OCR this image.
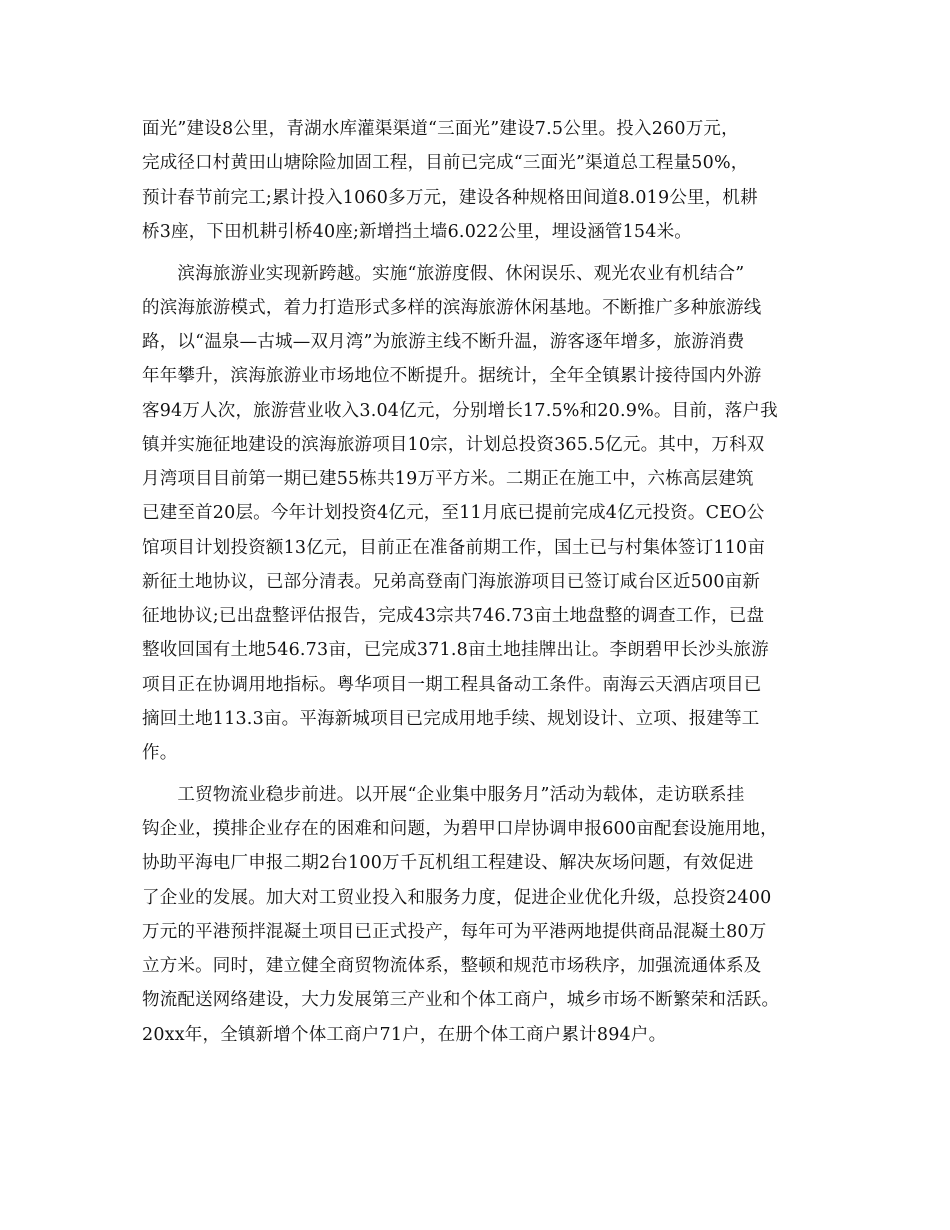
面光”建设8公里，青湖水库灌渠渠道“三面光”建设7.5公里。投入260万元，
完成径口村黄田山塘除险加固工程，目前已完成“三面光”渠道总工程量50%，
预计春节前完工;累计投入1060多万元，建设各种规格田间道8.019公里，机耕
桥3座，下田机耕引桥40座;新增挡土墙6.022公里，埋设涵管154米。
　　滨海旅游业实现新跨越。实施“旅游度假、休闲误乐、观光农业有机结合”
的滨海旅游模式，着力打造形式多样的滨海旅游休闲基地。不断推广多种旅游线
路，以“温泉—古城—双月湾”为旅游主线不断升温，游客逐年增多，旅游消费
年年攀升，滨海旅游业市场地位不断提升。据统计，全年全镇累计接待国内外游
客94万人次，旅游营业收入3.04亿元，分别增长17.5%和20.9%。目前，落户我
镇并实施征地建设的滨海旅游项目10宗，计划总投资365.5亿元。其中，万科双
月湾项目目前第一期已建55栋共19万平方米。二期正在施工中，六栋高层建筑
已建至首20层。今年计划投资4亿元，至11月底已提前完成4亿元投资。CEO公
馆项目计划投资额13亿元，目前正在准备前期工作，国土已与村集体签订110亩
新征土地协议，已部分清表。兄弟高登南门海旅游项目已签订咸台区近500亩新
征地协议;已出盘整评估报告，完成43宗共746.73亩土地盘整的调查工作，已盘
整收回国有土地546.73亩，已完成371.8亩土地挂牌出让。李朗碧甲长沙头旅游
项目正在协调用地指标。粤华项目一期工程具备动工条件。南海云天酒店项目已
摘回土地113.3亩。平海新城项目已完成用地手续、规划设计、立项、报建等工
作。
　　工贸物流业稳步前进。以开展“企业集中服务月”活动为载体，走访联系挂
钩企业，摸排企业存在的困难和问题，为碧甲口岸协调申报600亩配套设施用地，
协助平海电厂申报二期2台100万千瓦机组工程建设、解决灰场问题，有效促进
了企业的发展。加大对工贸业投入和服务力度，促进企业优化升级，总投资2400
万元的平港预拌混凝土项目已正式投产，每年可为平港两地提供商品混凝土80万
立方米。同时，建立健全商贸物流体系，整顿和规范市场秩序，加强流通体系及
物流配送网络建设，大力发展第三产业和个体工商户，城乡市场不断繁荣和活跃。
20xx年，全镇新增个体工商户71户，在册个体工商户累计894户。
